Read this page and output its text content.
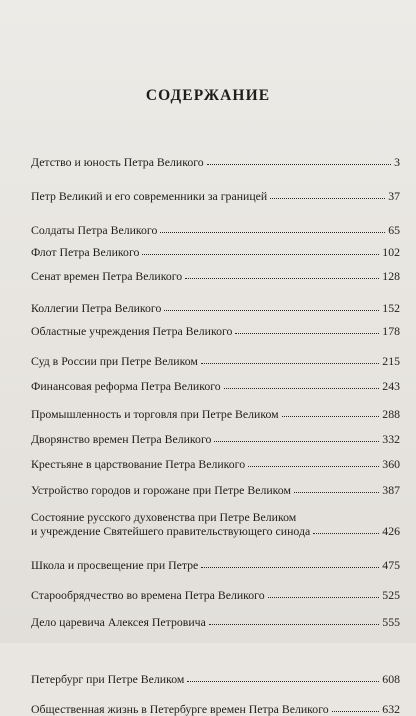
СОДЕРЖАНИЕ
Детство и юность Петра Великого	3
Петр Великий и его современники за границей	37
Солдаты Петра Великого	65
Флот Петра Великого	102
Сенат времен Петра Великого	128
Коллегии Петра Великого	152
Областные учреждения Петра Великого	178
Суд в России при Петре Великом	215
Финансовая реформа Петра Великого	243
Промышленность и торговля при Петре Великом	288
Дворянство времен Петра Великого	332
Крестьяне в царствование Петра Великого	360
Устройство городов и горожане при Петре Великом	387
Состояние русского духовенства при Петре Великом
и учреждение Святейшего правительствующего синода	426
Школа и просвещение при Петре	475
Старообрядчество во времена Петра Великого	525
Дело царевича Алексея Петровича	555
Петербург при Петре Великом	608
Общественная жизнь в Петербурге времен Петра Великого	632
